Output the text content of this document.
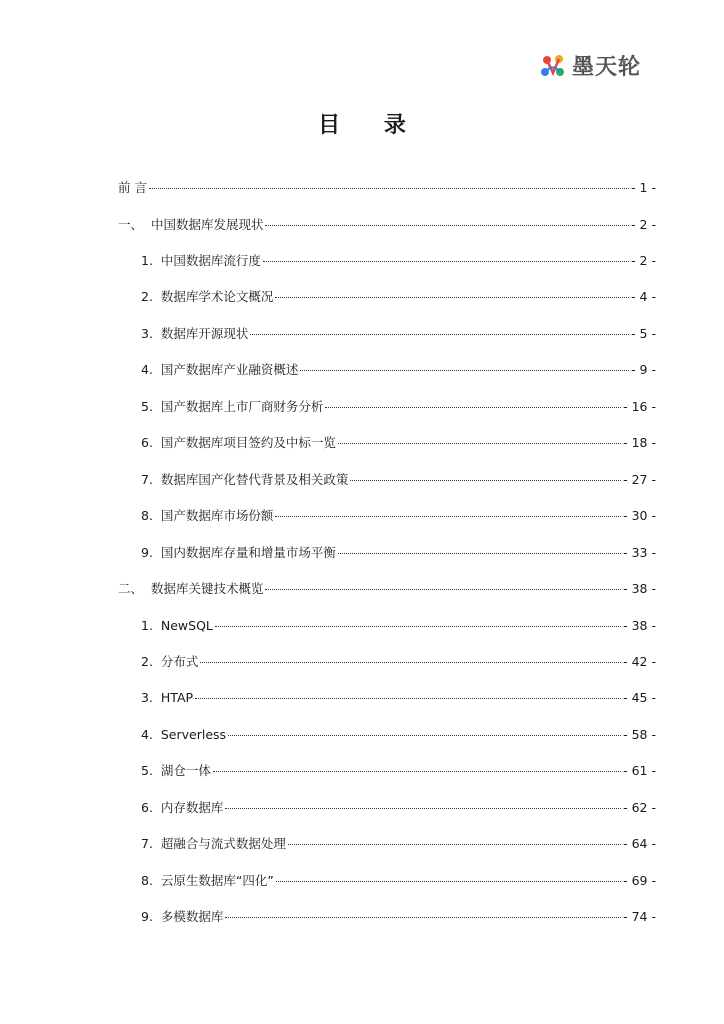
墨天轮
目 录
前 言	- 1 -
一、 中国数据库发展现状	- 2 -
1. 中国数据库流行度	- 2 -
2. 数据库学术论文概况	- 4 -
3. 数据库开源现状	- 5 -
4. 国产数据库产业融资概述	- 9 -
5. 国产数据库上市厂商财务分析	- 16 -
6. 国产数据库项目签约及中标一览	- 18 -
7. 数据库国产化替代背景及相关政策	- 27 -
8. 国产数据库市场份额	- 30 -
9. 国内数据库存量和增量市场平衡	- 33 -
二、 数据库关键技术概览	- 38 -
1. NewSQL	- 38 -
2. 分布式	- 42 -
3. HTAP	- 45 -
4. Serverless	- 58 -
5. 湖仓一体	- 61 -
6. 内存数据库	- 62 -
7. 超融合与流式数据处理	- 64 -
8. 云原生数据库“四化”	- 69 -
9. 多模数据库	- 74 -
